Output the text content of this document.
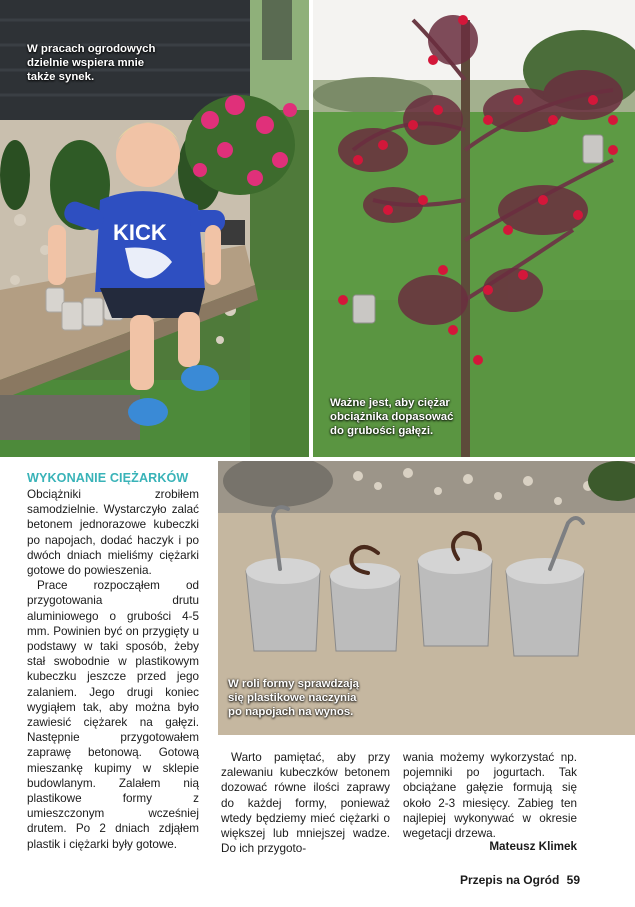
KICK
W pracach ogrodowych dzielnie wspiera mnie także synek.
Ważne jest, aby ciężar obciążnika dopasować do grubości gałęzi.
W roli formy sprawdzają się plastikowe naczynia po napojach na wynos.
WYKONANIE CIĘŻARKÓW

Obciążniki zrobiłem samodzielnie. Wystarczyło zalać betonem jednorazowe kubeczki po napojach, dodać haczyk i po dwóch dniach mieliśmy ciężarki gotowe do powieszenia.

Prace rozpocząłem od przygotowania drutu aluminiowego o grubości 4-5 mm. Powinien być on przygięty u podstawy w taki sposób, żeby stał swobodnie w plastikowym kubeczku jeszcze przed jego zalaniem. Jego drugi koniec wygiąłem tak, aby można było zawiesić ciężarek na gałęzi. Następnie przygotowałem zaprawę betonową. Gotową mieszankę kupimy w sklepie budowlanym. Zalałem nią plastikowe formy z umieszczonym wcześniej drutem. Po 2 dniach zdjąłem plastik i ciężarki były gotowe.

Warto pamiętać, aby przy zalewaniu kubeczków betonem dozować równe ilości zaprawy do każdej formy, ponieważ wtedy będziemy mieć ciężarki o większej lub mniejszej wadze. Do ich przygoto-

wania możemy wykorzystać np. pojemniki po jogurtach. Tak obciążane gałęzie formują się około 2-3 miesięcy. Zabieg ten najlepiej wykonywać w okresie wegetacji drzewa.

Mateusz Klimek
Przepis na Ogród 59
